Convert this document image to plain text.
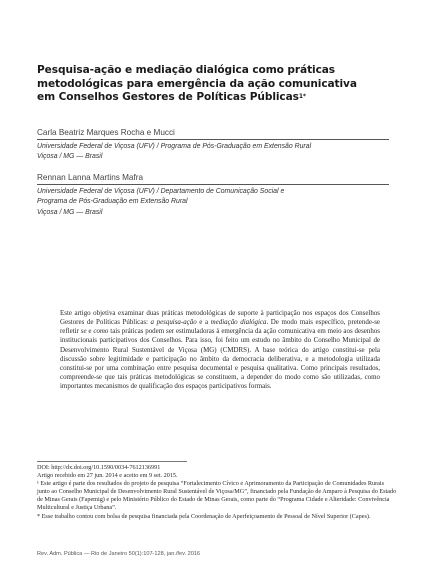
Pesquisa-ação e mediação dialógica como práticas metodológicas para emergência da ação comunicativa em Conselhos Gestores de Políticas Públicas$^{1*}$
Carla Beatriz Marques Rocha e Mucci
Universidade Federal de Viçosa (UFV) / Programa de Pós-Graduação em Extensão Rural
Viçosa / MG — Brasil
Rennan Lanna Martins Mafra
Universidade Federal de Viçosa (UFV) / Departamento de Comunicação Social e
Programa de Pós-Graduação em Extensão Rural
Viçosa / MG — Brasil
Este artigo objetiva examinar duas práticas metodológicas de suporte à participação nos espaços dos Conselhos Gestores de Políticas Públicas: a pesquisa-ação e a mediação dialógica. De modo mais específico, pretende-se refletir se e como tais práticas podem ser estimuladoras à emergência da ação comunicativa em meio aos desenhos institucionais participativos dos Conselhos. Para isso, foi feito um estudo no âmbito do Conselho Municipal de Desenvolvimento Rural Sustentável de Viçosa (MG) (CMDRS). A base teórica do artigo constitui-se pela discussão sobre legitimidade e participação no âmbito da democracia deliberativa, e a metodologia utilizada constitui-se por uma combinação entre pesquisa documental e pesquisa qualitativa. Como principais resultados, compreende-se que tais práticas metodológicas se constituem, a depender do modo como são utilizadas, como importantes mecanismos de qualificação dos espaços participativos formais.

DOI: http://dx.doi.org/10.1590/0034-7612136991

Artigo recebido em 27 jun. 2014 e aceito em 9 set. 2015.

¹ Este artigo é parte dos resultados do projeto de pesquisa “Fortalecimento Cívico e Aprimoramento da Participação de Comunidades Rurais junto ao Conselho Municipal de Desenvolvimento Rural Sustentável de Viçosa/MG”, financiado pela Fundação de Amparo à Pesquisa do Estado de Minas Gerais (Fapemig) e pelo Ministério Público do Estado de Minas Gerais, como parte do “Programa Cidade e Alteridade: Convivência Multicultural e Justiça Urbana”.

* Esse trabalho contou com bolsa de pesquisa financiada pela Coordenação de Aperfeiçoamento de Pessoal de Nível Superior (Capes).

Rev. Adm. Pública — Rio de Janeiro 50(1):107-128, jan./fev. 2016
